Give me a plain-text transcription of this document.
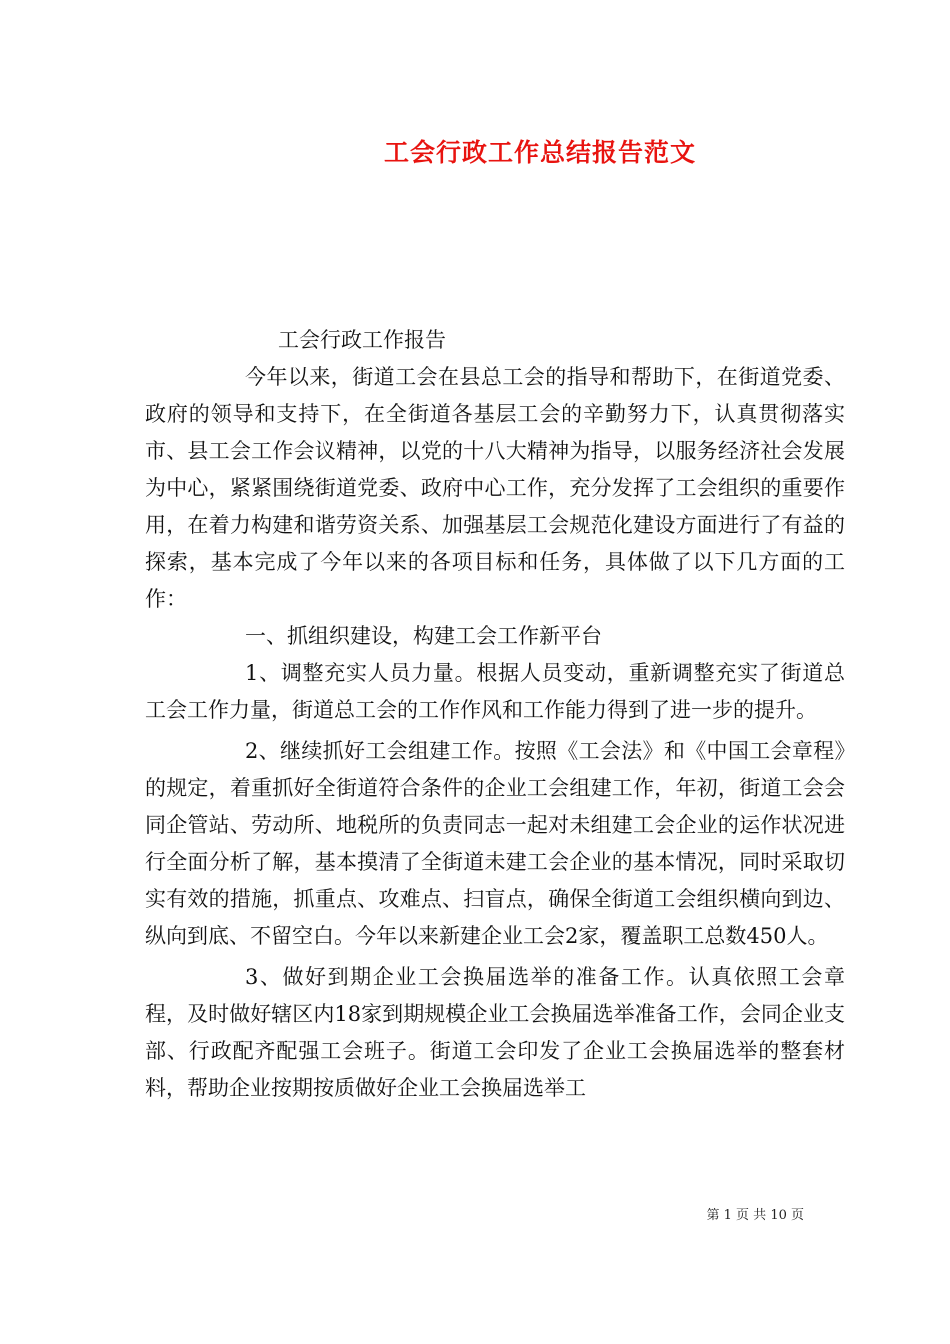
工会行政工作总结报告范文

工会行政工作报告

今年以来，街道工会在县总工会的指导和帮助下，在街道党委、政府的领导和支持下，在全街道各基层工会的辛勤努力下，认真贯彻落实市、县工会工作会议精神，以党的十八大精神为指导，以服务经济社会发展为中心，紧紧围绕街道党委、政府中心工作，充分发挥了工会组织的重要作用，在着力构建和谐劳资关系、加强基层工会规范化建设方面进行了有益的探索，基本完成了今年以来的各项目标和任务，具体做了以下几方面的工作：

一、抓组织建设，构建工会工作新平台

1、调整充实人员力量。根据人员变动，重新调整充实了街道总工会工作力量，街道总工会的工作作风和工作能力得到了进一步的提升。

2、继续抓好工会组建工作。按照《工会法》和《中国工会章程》的规定，着重抓好全街道符合条件的企业工会组建工作，年初，街道工会会同企管站、劳动所、地税所的负责同志一起对未组建工会企业的运作状况进行全面分析了解，基本摸清了全街道未建工会企业的基本情况，同时采取切实有效的措施，抓重点、攻难点、扫盲点，确保全街道工会组织横向到边、纵向到底、不留空白。今年以来新建企业工会2家，覆盖职工总数450人。

3、做好到期企业工会换届选举的准备工作。认真依照工会章程，及时做好辖区内18家到期规模企业工会换届选举准备工作，会同企业支部、行政配齐配强工会班子。街道工会印发了企业工会换届选举的整套材料，帮助企业按期按质做好企业工会换届选举工

第 1 页 共 10 页
